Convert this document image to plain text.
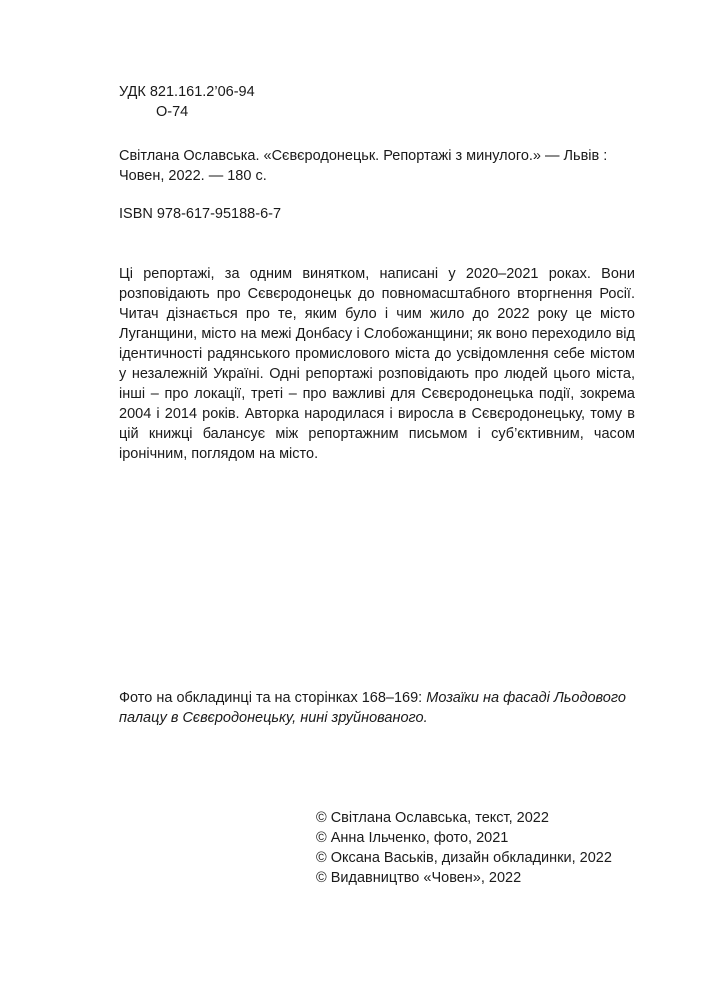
УДК 821.161.2’06-94
О-74
Світлана Ославська. «Сєвєродонецьк. Репортажі з минулого.» — Львів : Човен, 2022. — 180 с.
ISBN 978-617-95188-6-7

Ці репортажі, за одним винятком, написані у 2020–2021 роках. Вони розповідають про Сєвєродонецьк до повномасштабного вторгнення Росії. Читач дізнається про те, яким було і чим жило до 2022 року це місто Луганщини, місто на межі Донбасу і Слобожанщини; як воно переходило від ідентичності радянського промислового міста до усвідомлення себе містом у незалежній Україні. Одні репортажі розповідають про людей цього міста, інші – про локації, треті – про важливі для Сєвєродонецька події, зокрема 2004 і 2014 років. Авторка народилася і виросла в Сєвєродонецьку, тому в цій книжці балансує між репортажним письмом і суб’єктивним, часом іронічним, поглядом на місто.

Фото на обкладинці та на сторінках 168–169: Мозаїки на фасаді Льодового палацу в Сєвєродонецьку, нині зруйнованого.
© Світлана Ославська, текст, 2022
© Анна Ільченко, фото, 2021
© Оксана Васьків, дизайн обкладинки, 2022
© Видавництво «Човен», 2022
